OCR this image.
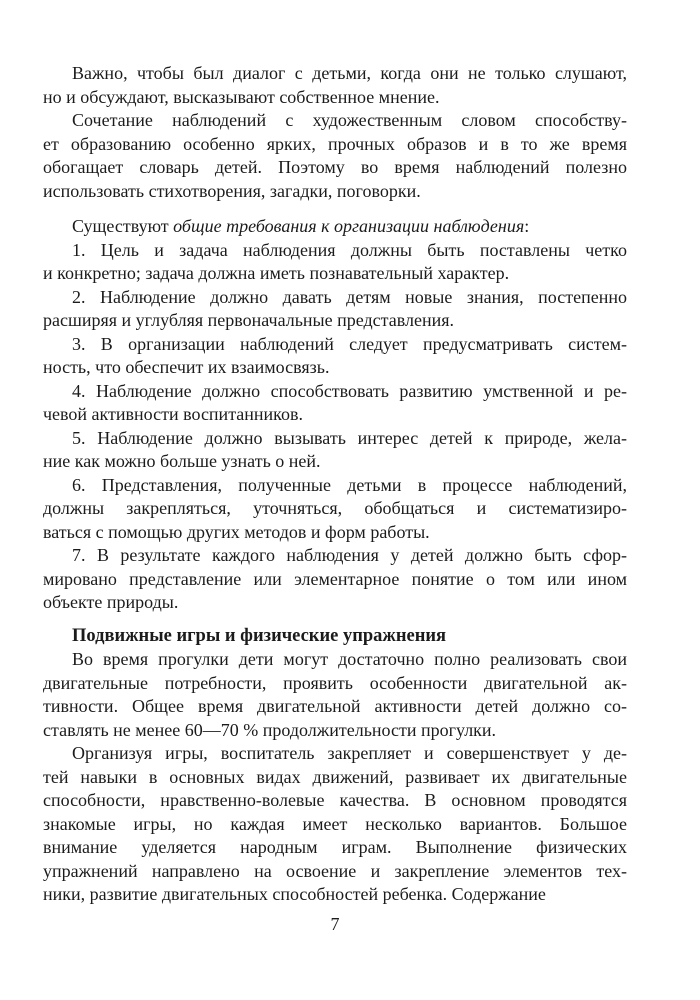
Важно, чтобы был диалог с детьми, когда они не только слушают,
но и обсуждают, высказывают собственное мнение.
Сочетание наблюдений с художественным словом способству-
ет образованию особенно ярких, прочных образов и в то же время
обогащает словарь детей. Поэтому во время наблюдений полезно
использовать стихотворения, загадки, поговорки.
Существуют общие требования к организации наблюдения:
1. Цель и задача наблюдения должны быть поставлены четко
и конкретно; задача должна иметь познавательный характер.
2. Наблюдение должно давать детям новые знания, постепенно
расширяя и углубляя первоначальные представления.
3. В организации наблюдений следует предусматривать систем-
ность, что обеспечит их взаимосвязь.
4. Наблюдение должно способствовать развитию умственной и ре-
чевой активности воспитанников.
5. Наблюдение должно вызывать интерес детей к природе, жела-
ние как можно больше узнать о ней.
6. Представления, полученные детьми в процессе наблюдений,
должны закрепляться, уточняться, обобщаться и систематизиро-
ваться с помощью других методов и форм работы.
7. В результате каждого наблюдения у детей должно быть сфор-
мировано представление или элементарное понятие о том или ином
объекте природы.
Подвижные игры и физические упражнения
Во время прогулки дети могут достаточно полно реализовать свои
двигательные потребности, проявить особенности двигательной ак-
тивности. Общее время двигательной активности детей должно со-
ставлять не менее 60—70 % продолжительности прогулки.
Организуя игры, воспитатель закрепляет и совершенствует у де-
тей навыки в основных видах движений, развивает их двигательные
способности, нравственно-волевые качества. В основном проводятся
знакомые игры, но каждая имеет несколько вариантов. Большое
внимание уделяется народным играм. Выполнение физических
упражнений направлено на освоение и закрепление элементов тех-
ники, развитие двигательных способностей ребенка. Содержание
7
